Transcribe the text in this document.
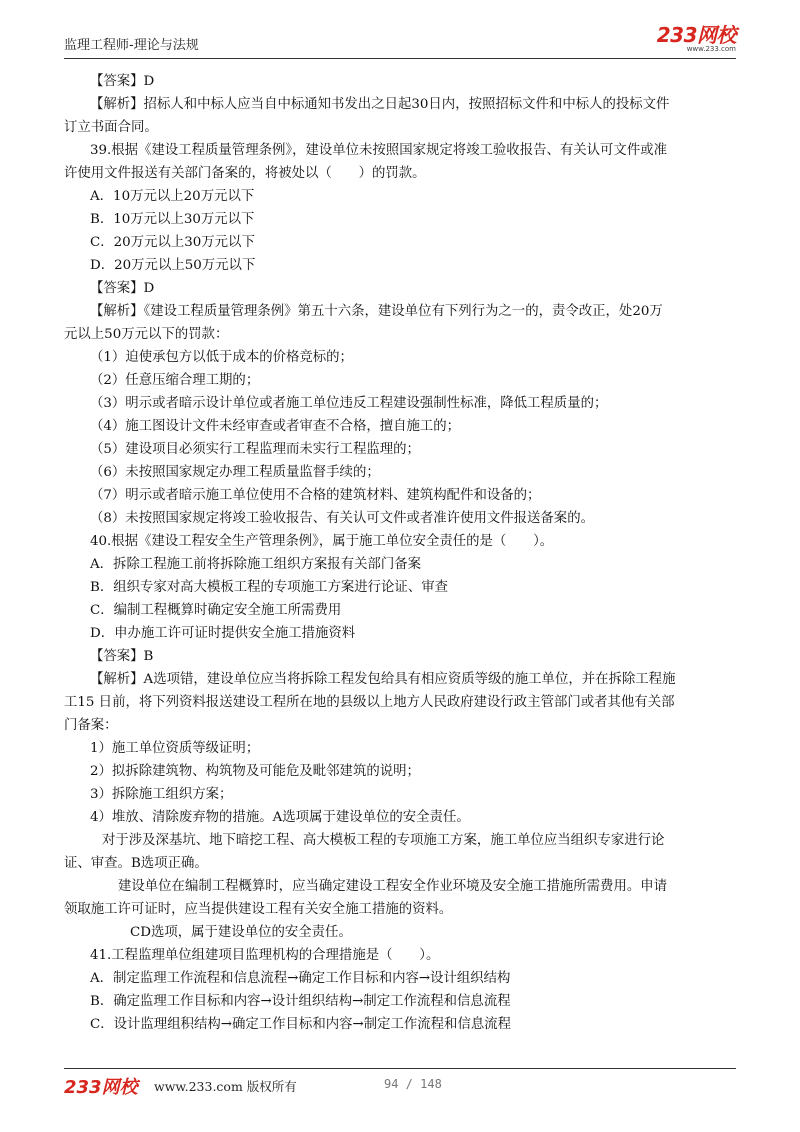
监理工程师-理论与法规	233网校
www.233.com
【答案】D
【解析】招标人和中标人应当自中标通知书发出之日起30日内，按照招标文件和中标人的投标文件
订立书面合同。
39.根据《建设工程质量管理条例》，建设单位未按照国家规定将竣工验收报告、有关认可文件或准
许使用文件报送有关部门备案的，将被处以（　　）的罚款。
A．10万元以上20万元以下
B．10万元以上30万元以下
C．20万元以上30万元以下
D．20万元以上50万元以下
【答案】D
【解析】《建设工程质量管理条例》第五十六条，建设单位有下列行为之一的，责令改正，处20万
元以上50万元以下的罚款：
（1）迫使承包方以低于成本的价格竞标的；
（2）任意压缩合理工期的；
（3）明示或者暗示设计单位或者施工单位违反工程建设强制性标准，降低工程质量的；
（4）施工图设计文件未经审查或者审查不合格，擅自施工的；
（5）建设项目必须实行工程监理而未实行工程监理的；
（6）未按照国家规定办理工程质量监督手续的；
（7）明示或者暗示施工单位使用不合格的建筑材料、建筑构配件和设备的；
（8）未按照国家规定将竣工验收报告、有关认可文件或者准许使用文件报送备案的。
40.根据《建设工程安全生产管理条例》，属于施工单位安全责任的是（　　）。
A．拆除工程施工前将拆除施工组织方案报有关部门备案
B．组织专家对高大模板工程的专项施工方案进行论证、审查
C．编制工程概算时确定安全施工所需费用
D．申办施工许可证时提供安全施工措施资料
【答案】B
【解析】A选项错，建设单位应当将拆除工程发包给具有相应资质等级的施工单位，并在拆除工程施
工15 日前，将下列资料报送建设工程所在地的县级以上地方人民政府建设行政主管部门或者其他有关部
门备案：
1）施工单位资质等级证明；
2）拟拆除建筑物、构筑物及可能危及毗邻建筑的说明；
3）拆除施工组织方案；
4）堆放、清除废弃物的措施。A选项属于建设单位的安全责任。
对于涉及深基坑、地下暗挖工程、高大模板工程的专项施工方案，施工单位应当组织专家进行论
证、审查。B选项正确。
建设单位在编制工程概算时，应当确定建设工程安全作业环境及安全施工措施所需费用。申请
领取施工许可证时，应当提供建设工程有关安全施工措施的资料。
CD选项，属于建设单位的安全责任。
41.工程监理单位组建项目监理机构的合理措施是（　　）。
A．制定监理工作流程和信息流程→确定工作目标和内容→设计组织结构
B．确定监理工作目标和内容→设计组织结构→制定工作流程和信息流程
C．设计监理组积结构→确定工作目标和内容→制定工作流程和信息流程
233网校 www.233.com 版权所有	94 / 148
